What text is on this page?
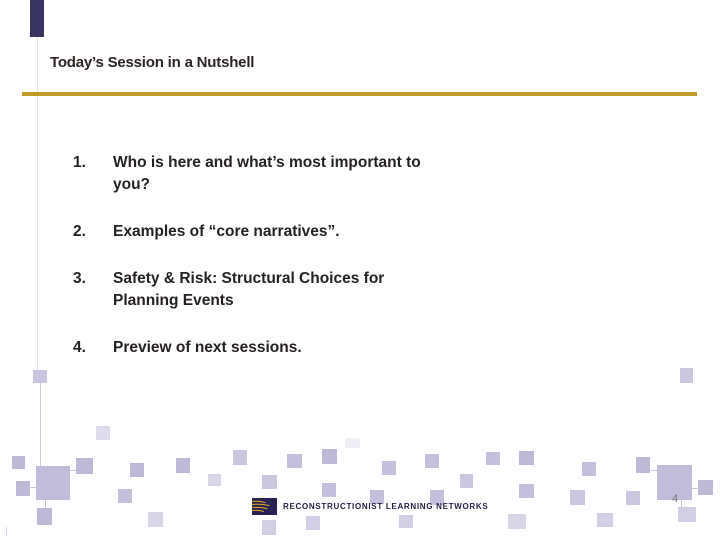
Today’s Session in a Nutshell
1.	Who is here and what’s most important to you?
2.	Examples of “core narratives”.
3.	Safety & Risk: Structural Choices for Planning Events
4.	Preview of next sessions.
RECONSTRUCTIONIST LEARNING NETWORKS
4
